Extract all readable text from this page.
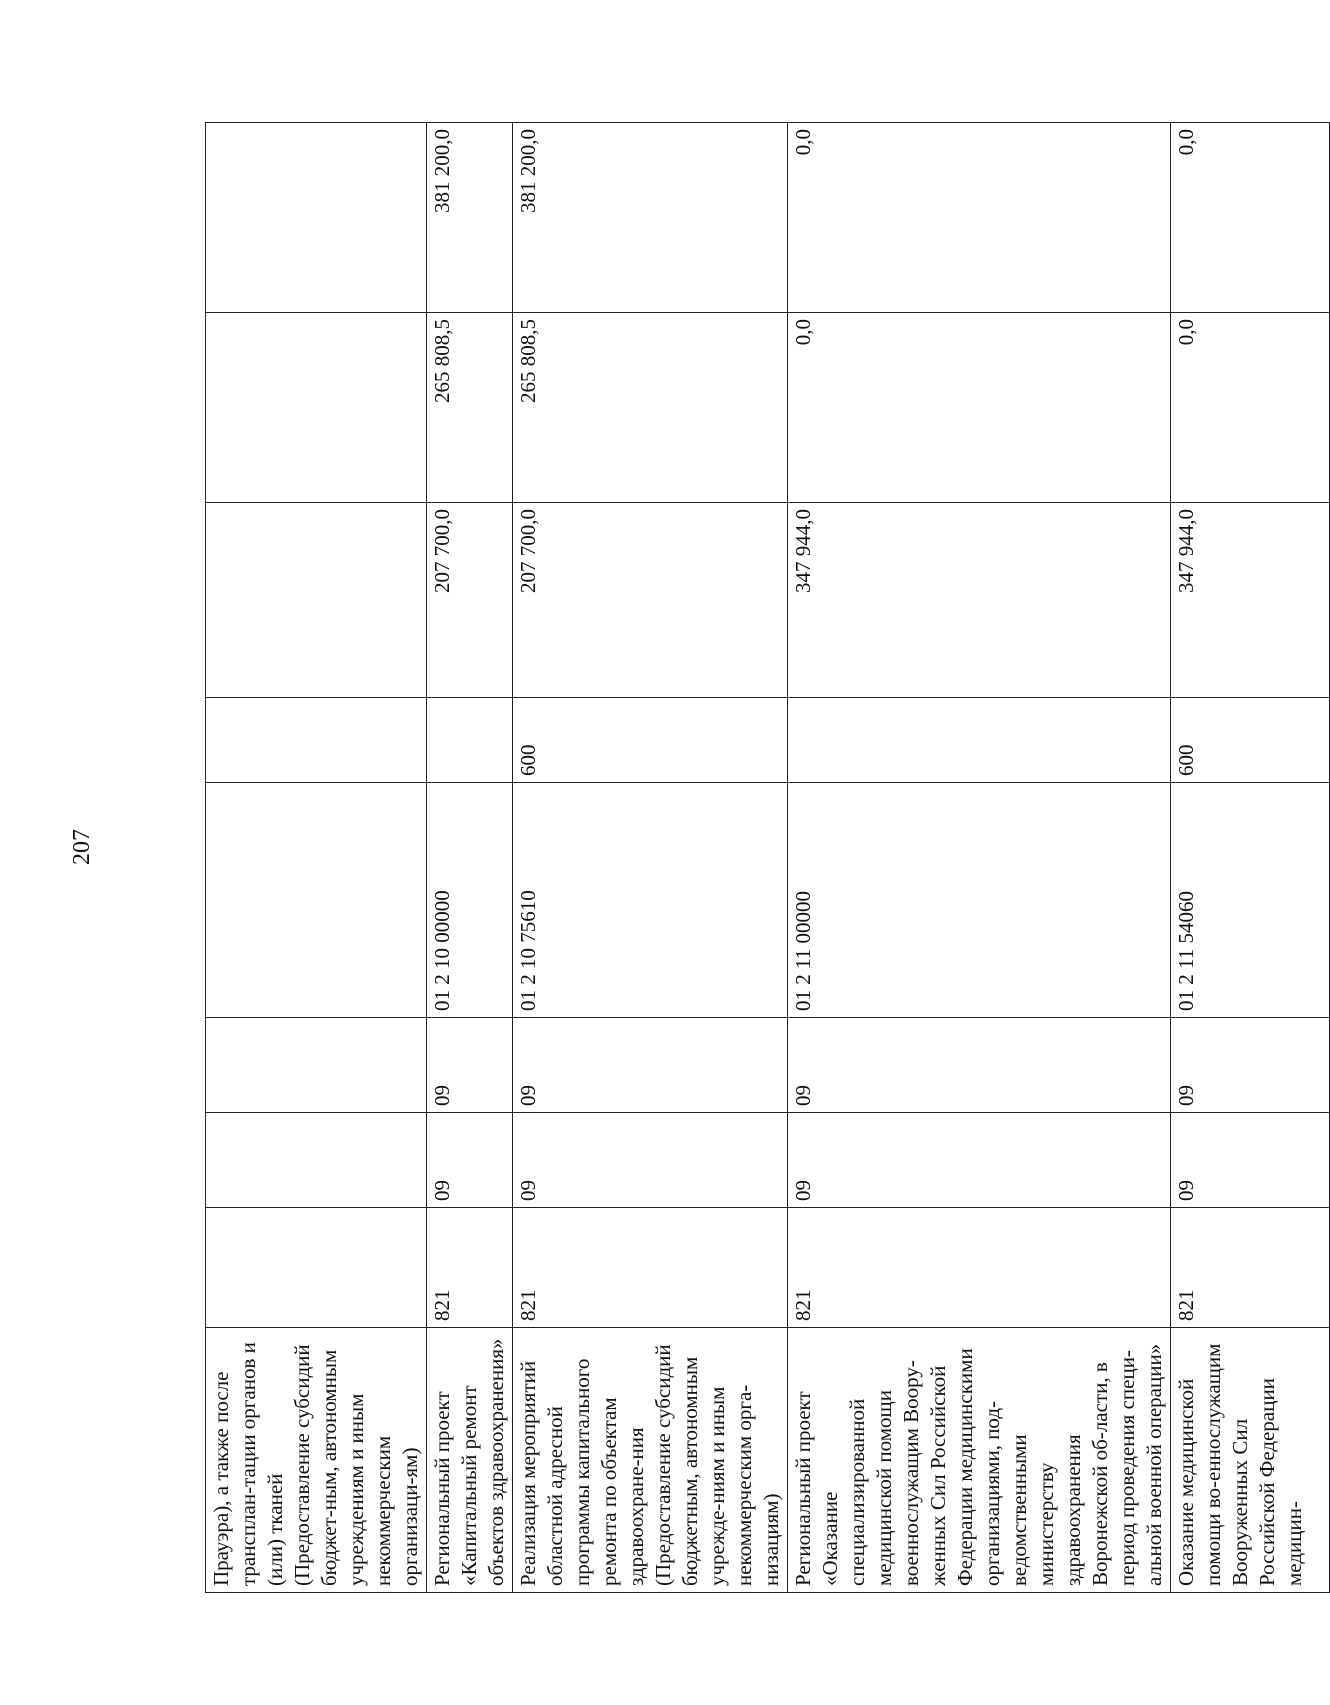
207
Прауэра), а также после трансплан-тации органов и (или) тканей (Предоставление субсидий бюджет-ным, автономным учреждениям и иным некоммерческим организаци-ям)								
Региональный проект «Капитальный ремонт объектов здравоохранения»	821	09	09	01 2 10 00000		207 700,0	265 808,5	381 200,0
Реализация мероприятий областной адресной программы капитального ремонта по объектам здравоохране-ния (Предоставление субсидий бюджетным, автономным учрежде-ниям и иным некоммерческим орга-низациям)	821	09	09	01 2 10 75610	600	207 700,0	265 808,5	381 200,0
Региональный проект «Оказание специализированной медицинской помощи военнослужащим Воору-женных Сил Российской Федерации медицинскими организациями, под-ведомственными министерству здравоохранения Воронежской об-ласти, в период проведения специ-альной военной операции»	821	09	09	01 2 11 00000		347 944,0	0,0	0,0
Оказание медицинской помощи во-еннослужащим Вооруженных Сил Российской Федерации медицин-	821	09	09	01 2 11 54060	600	347 944,0	0,0	0,0
